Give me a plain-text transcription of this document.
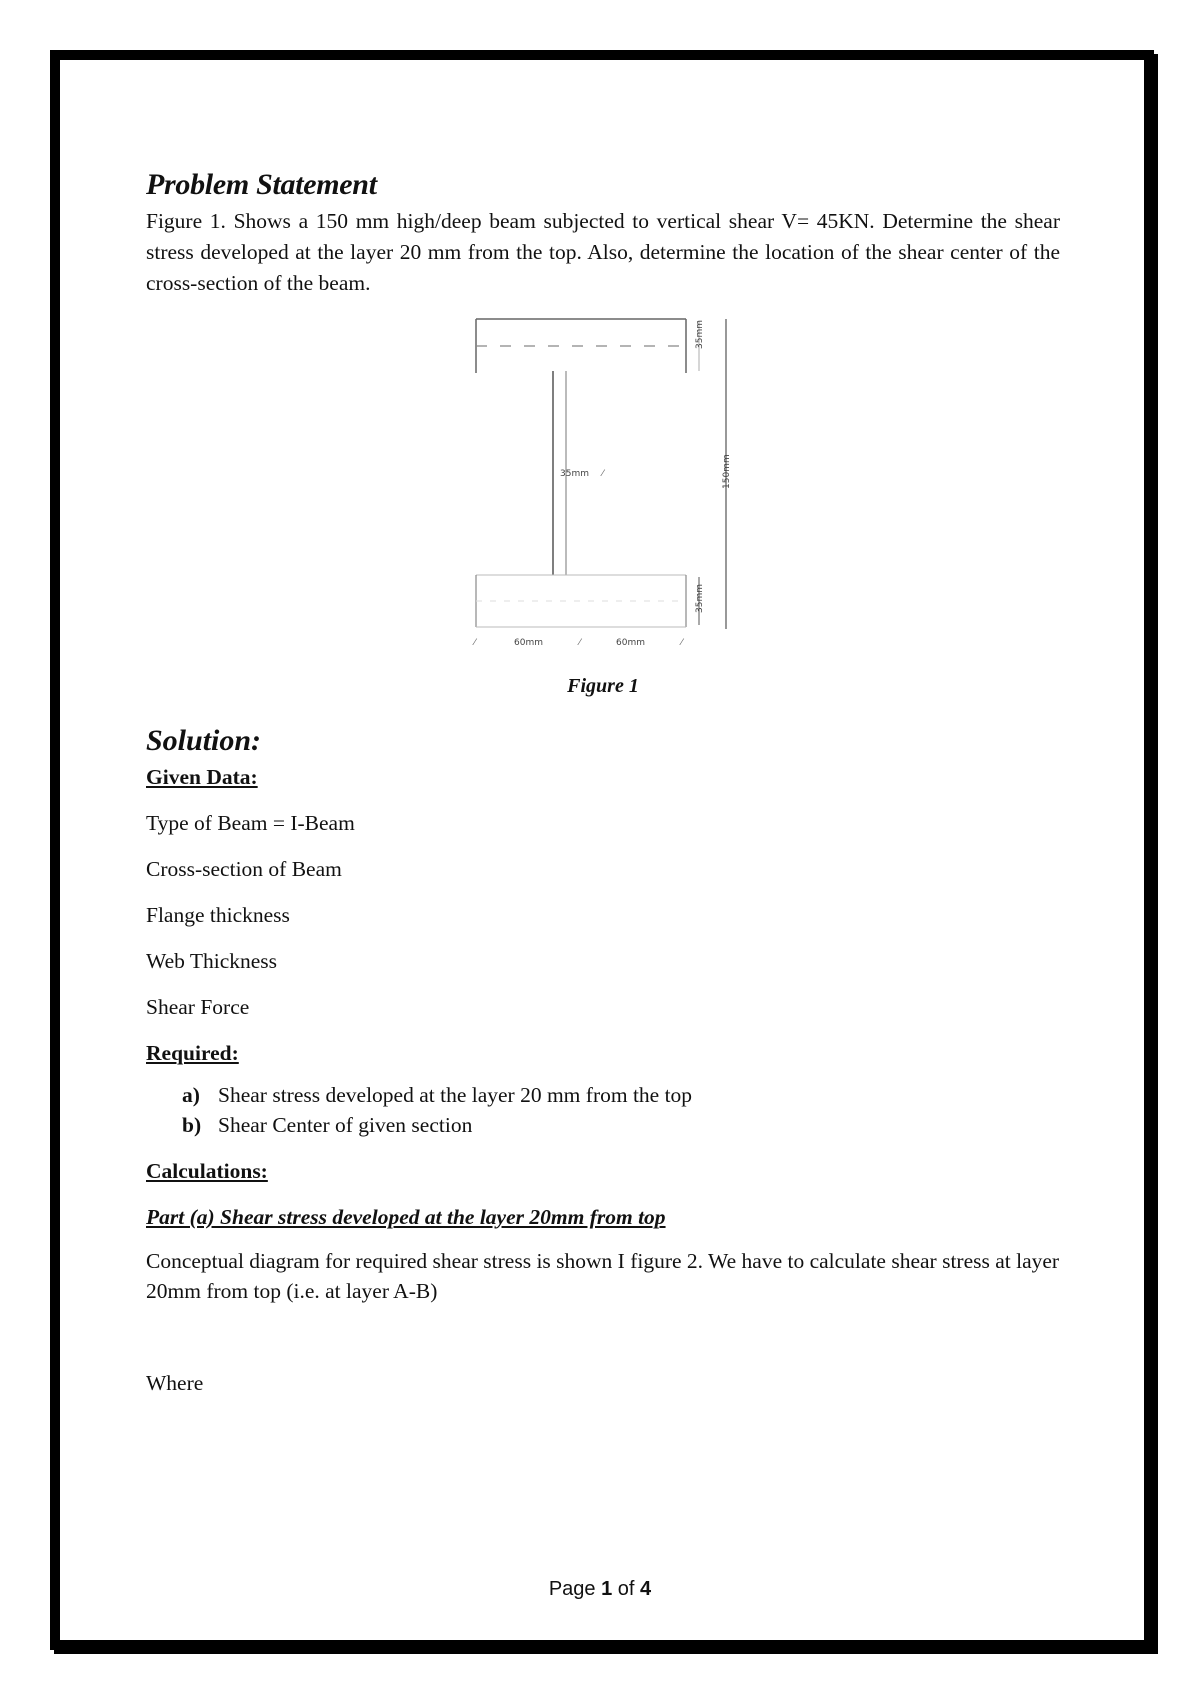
Problem Statement

Figure 1. Shows a 150 mm high/deep beam subjected to vertical shear V= 45KN. Determine the shear stress developed at the layer 20 mm from the top. Also, determine the location of the shear center of the cross-section of the beam.

35mm
150mm
35mm ⁄
35mm
⁄	60mm	⁄	60mm	⁄

Figure 1

Solution:

Given Data:

Type of Beam = I-Beam

Cross-section of Beam

Flange thickness

Web Thickness

Shear Force

Required:

a) Shear stress developed at the layer 20 mm from the top
b) Shear Center of given section

Calculations:

Part (a) Shear stress developed at the layer 20mm from top

Conceptual diagram for required shear stress is shown I figure 2. We have to calculate shear stress at layer 20mm from top (i.e. at layer A-B)

Where

Page 1 of 4
